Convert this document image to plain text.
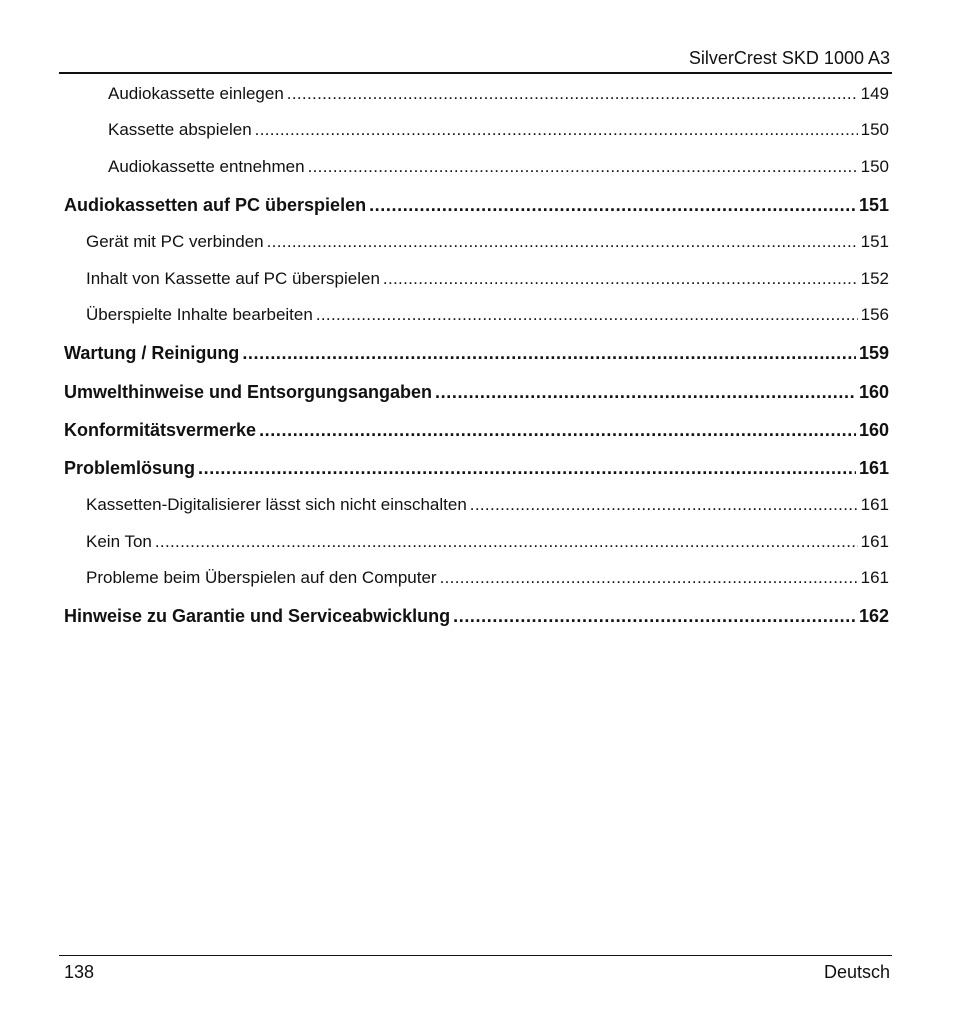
SilverCrest SKD 1000 A3
Audiokassette einlegen . . .	149
Kassette abspielen . . .	150
Audiokassette entnehmen . . .	150
Audiokassetten auf PC überspielen . . .	151
Gerät mit PC verbinden . . .	151
Inhalt von Kassette auf PC überspielen . . .	152
Überspielte Inhalte bearbeiten . . .	156
Wartung / Reinigung . . .	159
Umwelthinweise und Entsorgungsangaben . . .	160
Konformitätsvermerke . . .	160
Problemlösung . . .	161
Kassetten-Digitalisierer lässt sich nicht einschalten . . .	161
Kein Ton . . .	161
Probleme beim Überspielen auf den Computer . . .	161
Hinweise zu Garantie und Serviceabwicklung . . .	162
138	Deutsch
